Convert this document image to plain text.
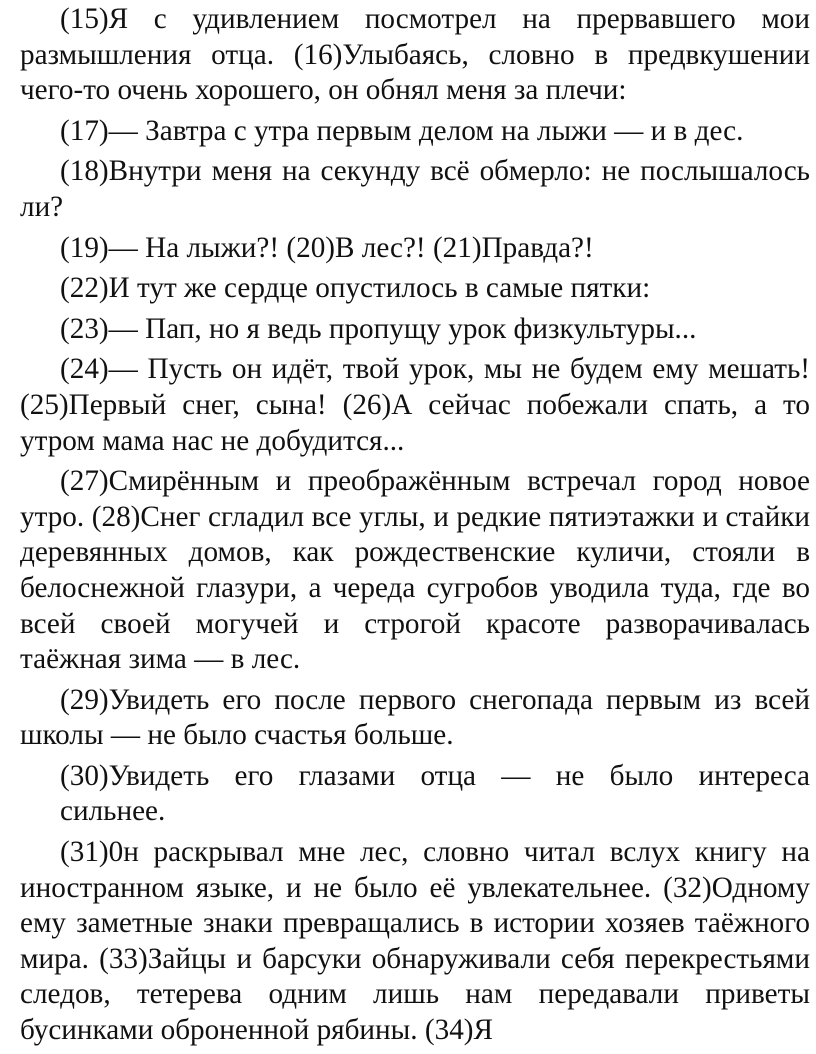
(15)Я с удивлением посмотрел на прервавшего мои размышления отца. (16)Улыбаясь, словно в предвкушении чего-то очень хорошего, он обнял меня за плечи:

(17)— Завтра с утра первым делом на лыжи — и в дес.

(18)Внутри меня на секунду всё обмерло: не послышалось ли?

(19)— На лыжи?! (20)В лес?! (21)Правда?!

(22)И тут же сердце опустилось в самые пятки:

(23)— Пап, но я ведь пропущу урок физкультуры...

(24)— Пусть он идёт, твой урок, мы не будем ему мешать! (25)Первый снег, сына! (26)А сейчас побежали спать, а то утром мама нас не добудится...

(27)Смирённым и преображённым встречал город новое утро. (28)Снег сгладил все углы, и редкие пятиэтажки и стайки деревянных домов, как рождественские куличи, стояли в белоснежной глазури, а череда сугробов уводила туда, где во всей своей могучей и строгой красоте разворачивалась таёжная зима — в лес.

(29)Увидеть его после первого снегопада первым из всей школы — не было счастья больше.

(30)Увидеть его глазами отца — не было интереса

сильнее.

(31)0н раскрывал мне лес, словно читал вслух книгу на иностранном языке, и не было её увлекательнее. (32)Одному ему заметные знаки превращались в истории хозяев таёжного мира. (33)Зайцы и барсуки обнаруживали себя перекрестьями следов, тетерева одним лишь нам передавали приветы бусинками оброненной рябины. (34)Я
